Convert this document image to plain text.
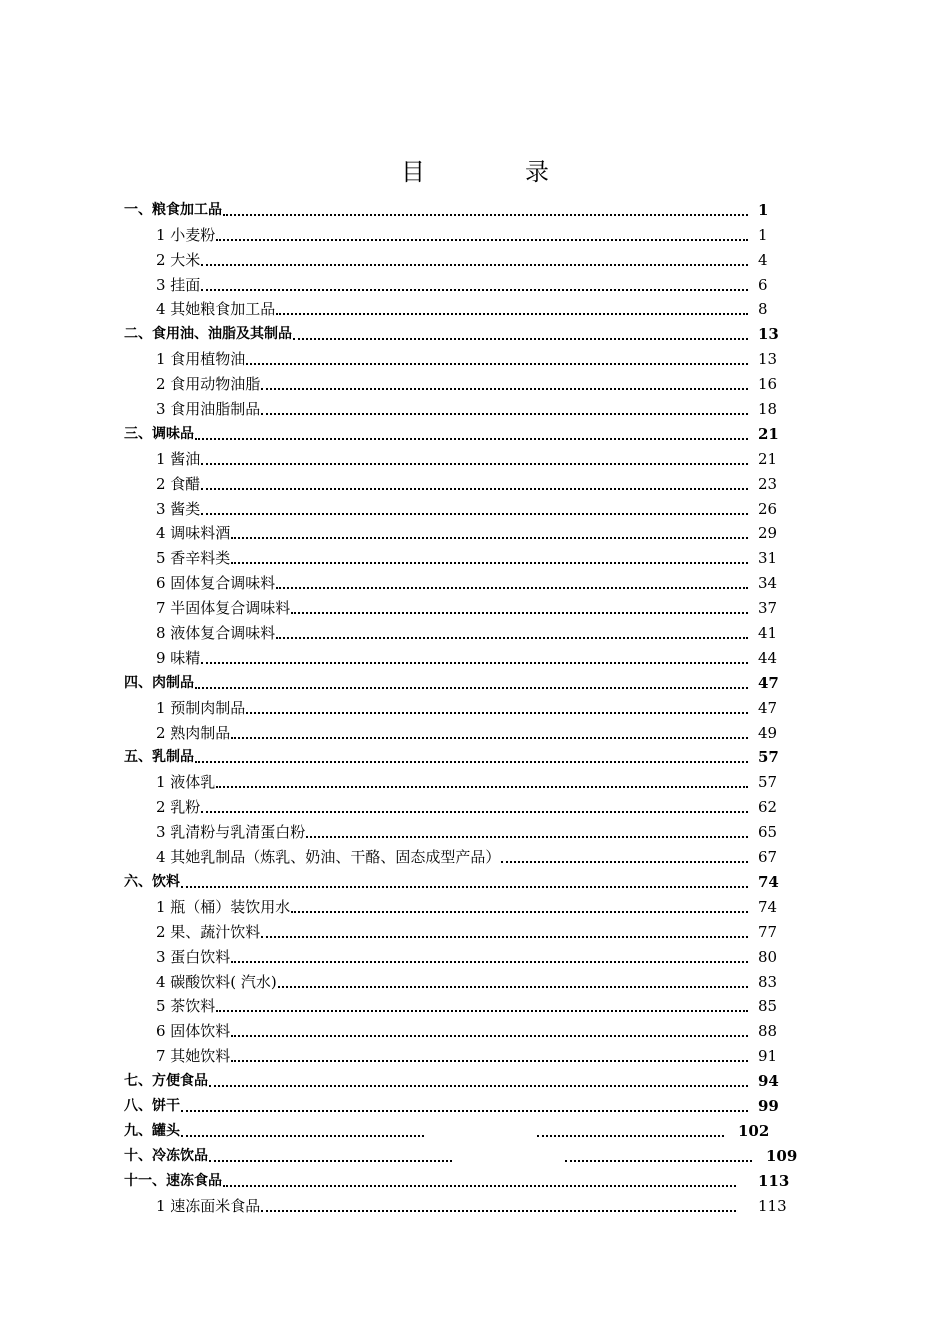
目　录
一、粮食加工品	1
1 小麦粉	1
2 大米	4
3 挂面	6
4 其她粮食加工品	8
二、食用油、油脂及其制品	13
1 食用植物油	13
2 食用动物油脂	16
3 食用油脂制品	18
三、调味品	21
1 酱油	21
2 食醋	23
3 酱类	26
4 调味料酒	29
5 香辛料类	31
6 固体复合调味料	34
7 半固体复合调味料	37
8 液体复合调味料	41
9 味精	44
四、肉制品	47
1 预制肉制品	47
2 熟肉制品	49
五、乳制品	57
1 液体乳	57
2 乳粉	62
3 乳清粉与乳清蛋白粉	65
4 其她乳制品（炼乳、奶油、干酪、固态成型产品）	67
六、饮料	74
1 瓶（桶）装饮用水	74
2 果、蔬汁饮料	77
3 蛋白饮料	80
4 碳酸饮料( 汽水)	83
5 茶饮料	85
6 固体饮料	88
7 其她饮料	91
七、方便食品	94
八、饼干	99
九、罐头	102
十、冷冻饮品	109
十一、速冻食品	113
1 速冻面米食品	113
